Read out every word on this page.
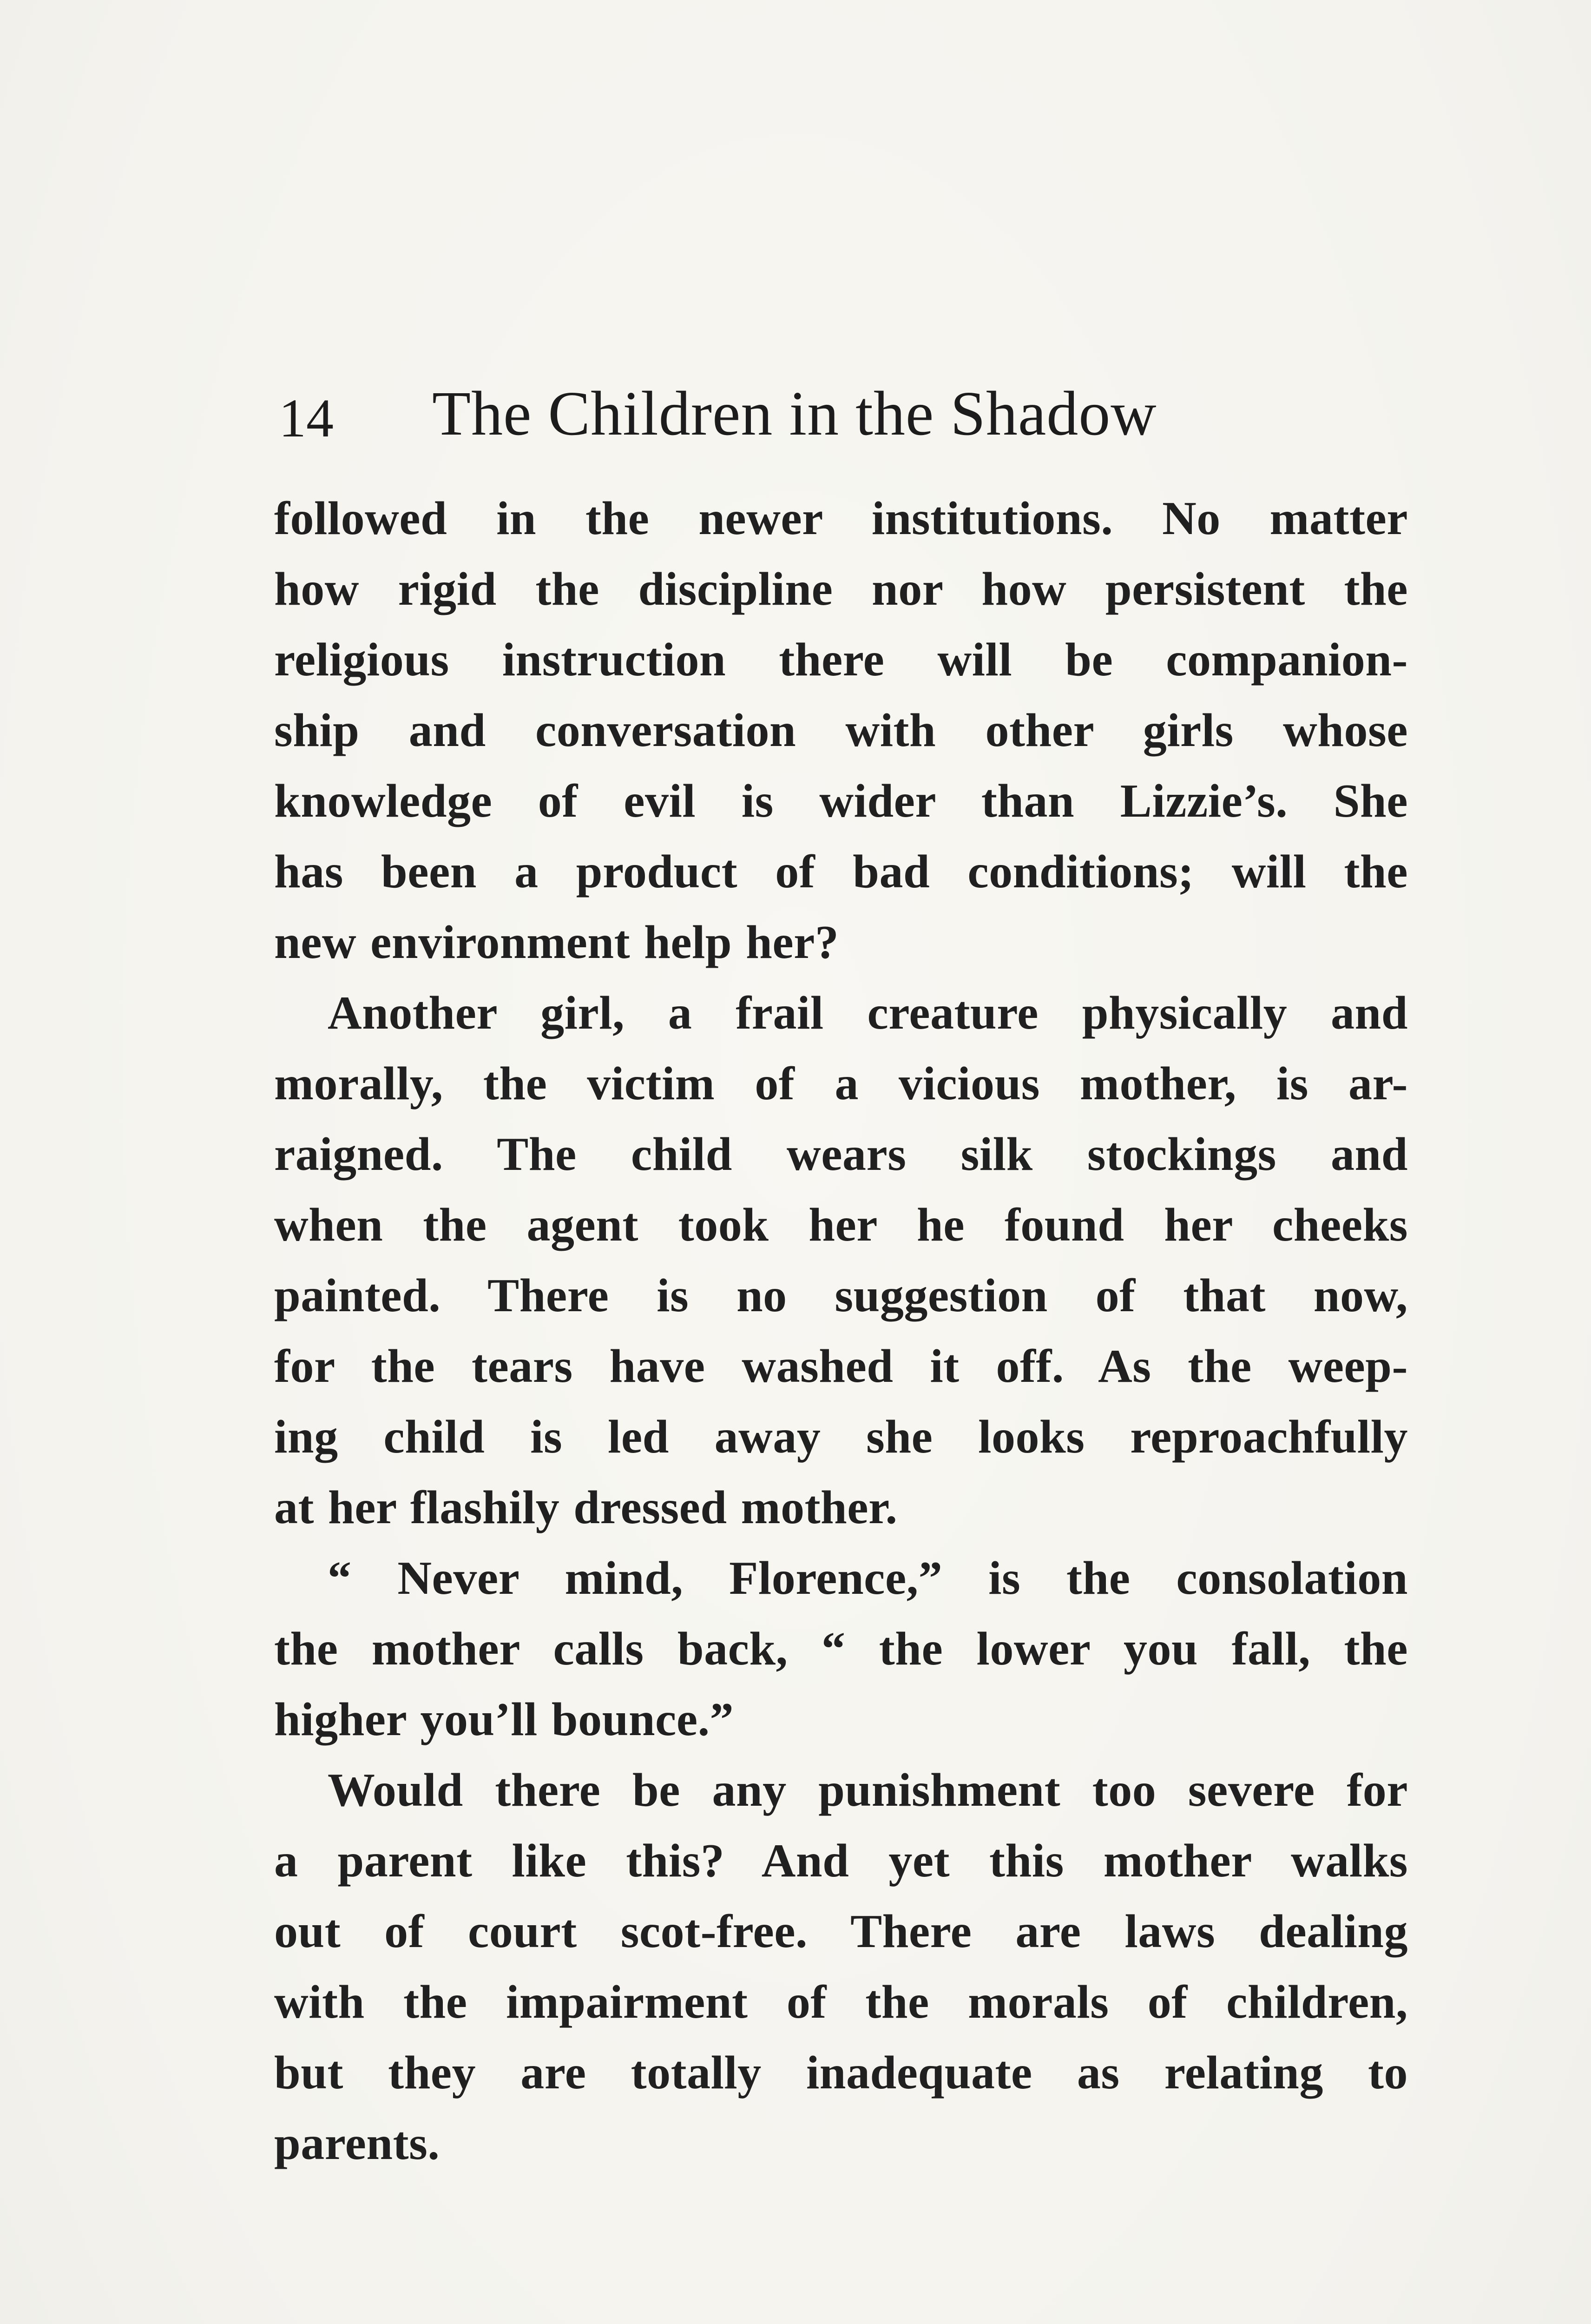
14 The Children in the Shadow
followed in the newer institutions. No matter
how rigid the discipline nor how persistent the
religious instruction there will be companion-
ship and conversation with other girls whose
knowledge of evil is wider than Lizzie’s. She
has been a product of bad conditions; will the
new environment help her?
Another girl, a frail creature physically and
morally, the victim of a vicious mother, is ar-
raigned. The child wears silk stockings and
when the agent took her he found her cheeks
painted. There is no suggestion of that now,
for the tears have washed it off. As the weep-
ing child is led away she looks reproachfully
at her flashily dressed mother.
“ Never mind, Florence,” is the consolation
the mother calls back, “ the lower you fall, the
higher you’ll bounce.”
Would there be any punishment too severe for
a parent like this? And yet this mother walks
out of court scot-free. There are laws dealing
with the impairment of the morals of children,
but they are totally inadequate as relating to
parents.
